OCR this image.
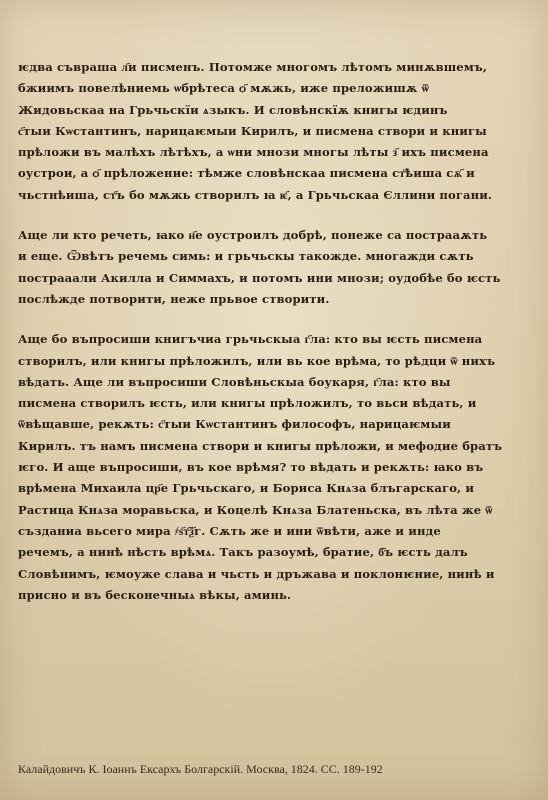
ѥдва съвраша л҃и писменъ. Потомже многомъ лѣтомъ минѫвшемъ,
бжиимъ повелѣниемь ѡбрѣтеса ѻ҃ мѫжь, иже преложишѫ ѿ
Жидовьскаа на Грьчьскїи ѧзыкъ. И словѣнскїѫ книгы ѥдинъ
с҃тыи Кѡстантинъ, нарицаѥмыи Кирилъ, и писмена створи и книгы
прѣложи въ малѣхъ лѣтѣхъ, а ѡни мнози многы лѣты з҃ ихъ писмена
оустрои, а ѻ҃ прѣложение: тѣмже словѣнскаа писмена ст҃ѣиша сѫ҃ и
чьстнѣиша, ст҃ъ бо мѫжь створилъ ꙗ ѥ҃, а Грьчьскаа Єллини погани.
Аще ли кто речеть, ꙗко н҃е оустроилъ добрѣ, понеже са пострааѫть
и еще. Ѿвѣтъ речемь симь: и грьчьскы такожде. многажди сѫть
пострааали Акилла и Симмахъ, и потомъ ини мнози; оудобѣе бо ѥсть
послѣжде потворити, неже прьвое створити.
Аще бо въпросиши книгъчиа грьчьскыа г҃ла: кто вы ѥсть писмена
створилъ, или книгы прѣложилъ, или вь кое врѣма, то рѣдци ѿ нихъ
вѣдать. Аще ли въпросиши Словѣньскыа боукаря, г҃ла: кто вы
писмена створилъ ѥсть, или книгы прѣложилъ, то вьси вѣдать, и
ѿвѣщавше, рекѫть: с҃тыи Кѡстантинъ философъ, нарицаѥмыи
Кирилъ. тъ намъ писмена створи и книгы прѣложи, и мефодие братъ
ѥго. И аще въпросиши, въ кое врѣмя? то вѣдать и рекѫть: ꙗко въ
врѣмена Михаила цр҃е Грьчьскаго, и Бориса Кнѧза блъгарскаго, и
Растица Кнѧза моравьска, и Коцелѣ Кнѧза Блатеньска, въ лѣта же ѿ
създаниа вьсего мира ҂ѕ҃т҃ѯ҃г. Сѫть же и ини ѿвѣти, аже и инде
речемъ, а нинѣ нѣсть врѣмѧ. Такъ разоумѣ, братие, б҃ъ ѥсть далъ
Словѣнимъ, ѥмоуже слава и чьсть и дръжава и поклонѥние, нинѣ и
присно и въ бесконечныѧ вѣкы, аминь.
Калайдовичъ К. Іоаннъ Ексархъ Болгарскій. Москва, 1824. СС. 189-192
